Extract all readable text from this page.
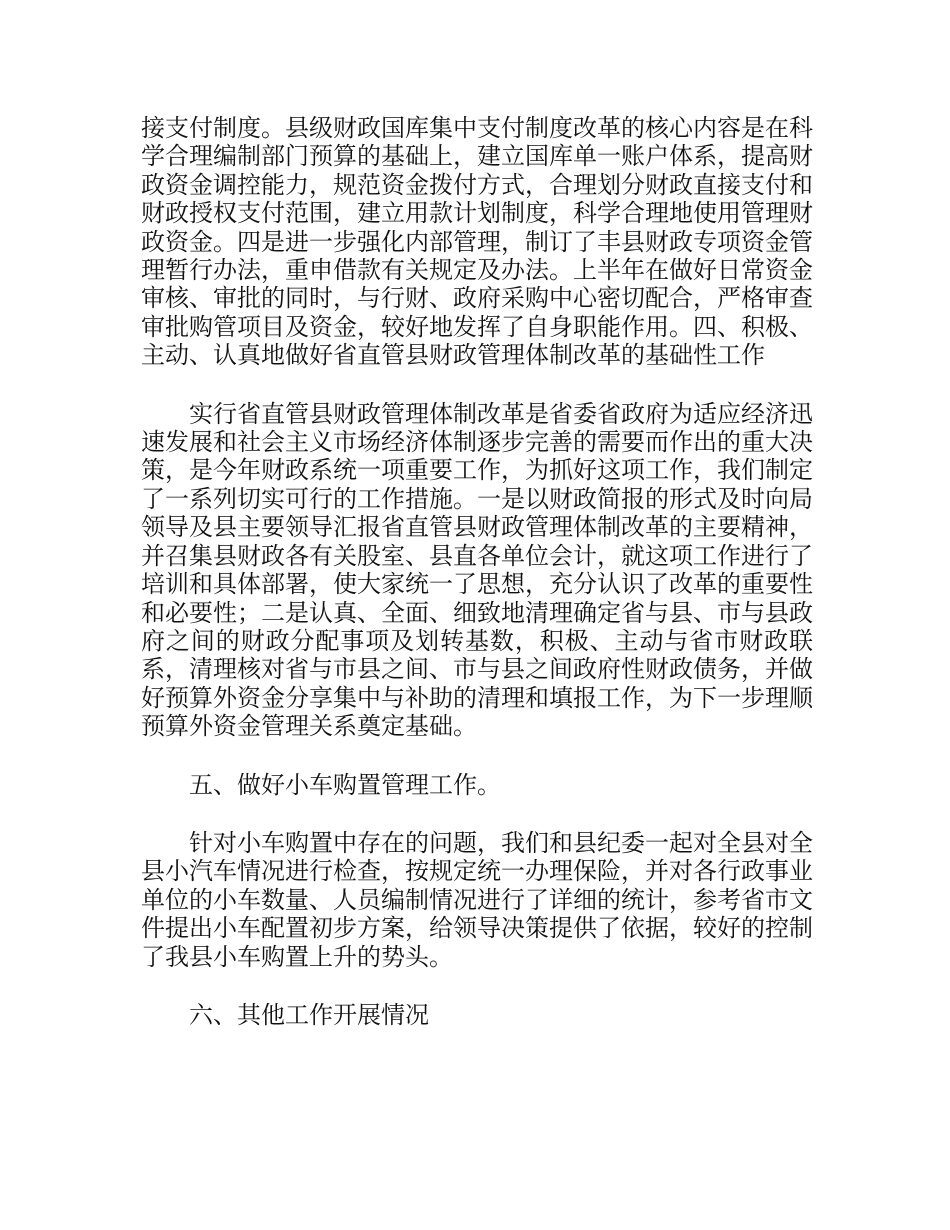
接支付制度。县级财政国库集中支付制度改革的核心内容是在科学合理编制部门预算的基础上，建立国库单一账户体系，提高财政资金调控能力，规范资金拨付方式，合理划分财政直接支付和财政授权支付范围，建立用款计划制度，科学合理地使用管理财政资金。四是进一步强化内部管理，制订了丰县财政专项资金管理暂行办法，重申借款有关规定及办法。上半年在做好日常资金审核、审批的同时，与行财、政府采购中心密切配合，严格审查审批购管项目及资金，较好地发挥了自身职能作用。四、积极、主动、认真地做好省直管县财政管理体制改革的基础性工作

实行省直管县财政管理体制改革是省委省政府为适应经济迅速发展和社会主义市场经济体制逐步完善的需要而作出的重大决策，是今年财政系统一项重要工作，为抓好这项工作，我们制定了一系列切实可行的工作措施。一是以财政简报的形式及时向局领导及县主要领导汇报省直管县财政管理体制改革的主要精神，并召集县财政各有关股室、县直各单位会计，就这项工作进行了培训和具体部署，使大家统一了思想，充分认识了改革的重要性和必要性；二是认真、全面、细致地清理确定省与县、市与县政府之间的财政分配事项及划转基数，积极、主动与省市财政联系，清理核对省与市县之间、市与县之间政府性财政债务，并做好预算外资金分享集中与补助的清理和填报工作，为下一步理顺预算外资金管理关系奠定基础。

五、做好小车购置管理工作。

针对小车购置中存在的问题，我们和县纪委一起对全县对全县小汽车情况进行检查，按规定统一办理保险，并对各行政事业单位的小车数量、人员编制情况进行了详细的统计，参考省市文件提出小车配置初步方案，给领导决策提供了依据，较好的控制了我县小车购置上升的势头。

六、其他工作开展情况
